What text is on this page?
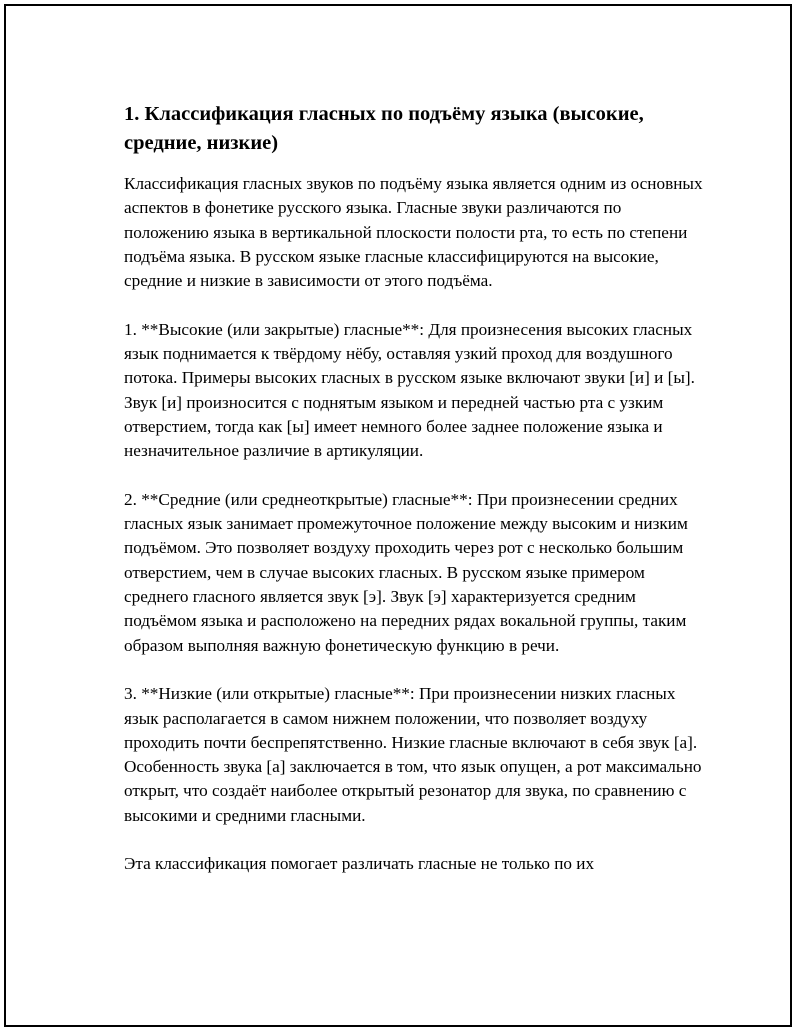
1. Классификация гласных по подъёму языка (высокие, средние, низкие)

Классификация гласных звуков по подъёму языка является одним из основных аспектов в фонетике русского языка. Гласные звуки различаются по положению языка в вертикальной плоскости полости рта, то есть по степени подъёма языка. В русском языке гласные классифицируются на высокие, средние и низкие в зависимости от этого подъёма.

1. **Высокие (или закрытые) гласные**: Для произнесения высоких гласных язык поднимается к твёрдому нёбу, оставляя узкий проход для воздушного потока. Примеры высоких гласных в русском языке включают звуки [и] и [ы]. Звук [и] произносится с поднятым языком и передней частью рта с узким отверстием, тогда как [ы] имеет немного более заднее положение языка и незначительное различие в артикуляции.

2. **Средние (или среднеоткрытые) гласные**: При произнесении средних гласных язык занимает промежуточное положение между высоким и низким подъёмом. Это позволяет воздуху проходить через рот с несколько большим отверстием, чем в случае высоких гласных. В русском языке примером среднего гласного является звук [э]. Звук [э] характеризуется средним подъёмом языка и расположено на передних рядах вокальной группы, таким образом выполняя важную фонетическую функцию в речи.

3. **Низкие (или открытые) гласные**: При произнесении низких гласных язык располагается в самом нижнем положении, что позволяет воздуху проходить почти беспрепятственно. Низкие гласные включают в себя звук [а]. Особенность звука [а] заключается в том, что язык опущен, а рот максимально открыт, что создаёт наиболее открытый резонатор для звука, по сравнению с высокими и средними гласными.

Эта классификация помогает различать гласные не только по их
